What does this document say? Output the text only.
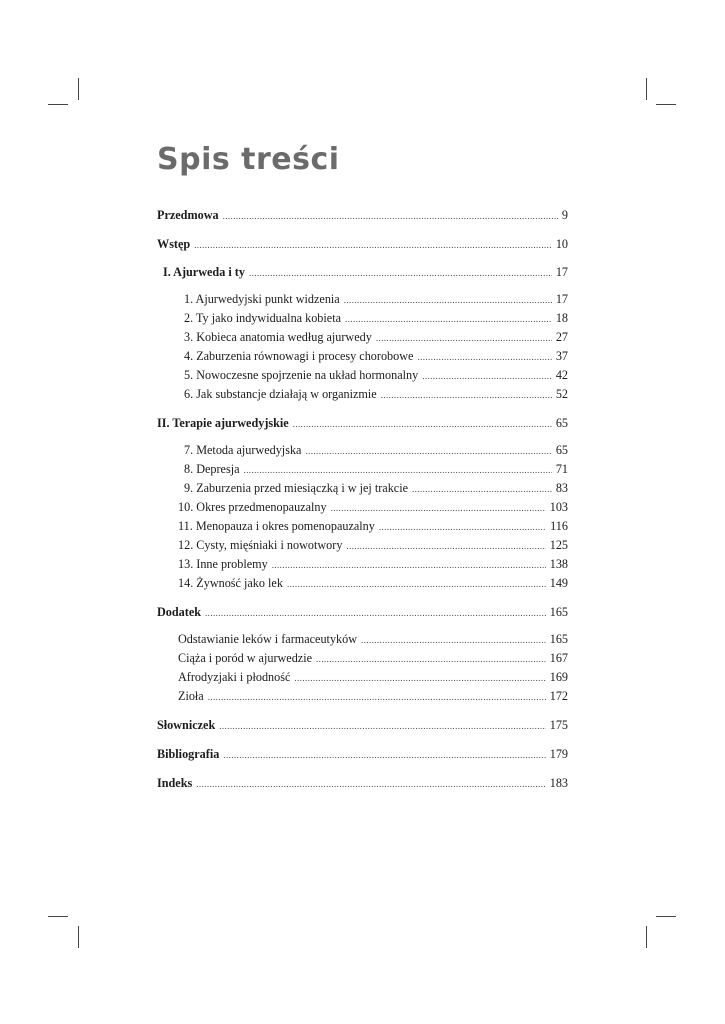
Spis treści
Przedmowa .....	9
Wstęp .....	10
I. Ajurweda i ty .....	17
1. Ajurwedyjski punkt widzenia .....	17
2. Ty jako indywidualna kobieta .....	18
3. Kobieca anatomia według ajurwedy .....	27
4. Zaburzenia równowagi i procesy chorobowe .....	37
5. Nowoczesne spojrzenie na układ hormonalny .....	42
6. Jak substancje działają w organizmie .....	52
II. Terapie ajurwedyjskie .....	65
7. Metoda ajurwedyjska .....	65
8. Depresja .....	71
9. Zaburzenia przed miesiączką i w jej trakcie .....	83
10. Okres przedmenopauzalny .....	103
11. Menopauza i okres pomenopauzalny .....	116
12. Cysty, mięśniaki i nowotwory .....	125
13. Inne problemy .....	138
14. Żywność jako lek .....	149
Dodatek .....	165
Odstawianie leków i farmaceutyków .....	165
Ciąża i poród w ajurwedzie .....	167
Afrodyzjaki i płodność .....	169
Zioła .....	172
Słowniczek .....	175
Bibliografia .....	179
Indeks .....	183
